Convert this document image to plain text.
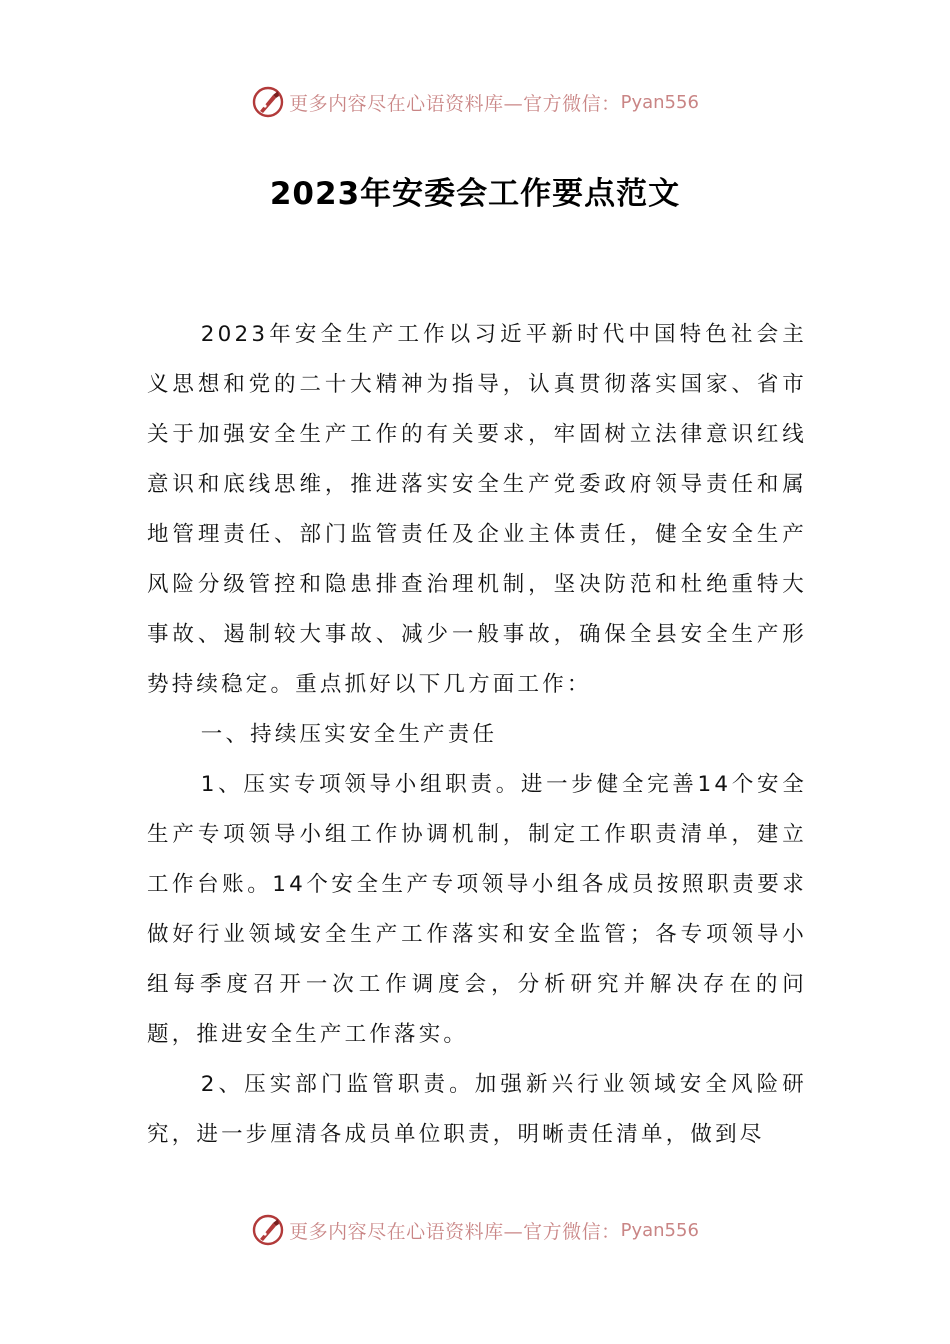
更多内容尽在心语资料库—官方微信： Pyan556
2023年安委会工作要点范文

2023年安全生产工作以习近平新时代中国特色社会主义思想和党的二十大精神为指导，认真贯彻落实国家、省市关于加强安全生产工作的有关要求，牢固树立法律意识红线意识和底线思维，推进落实安全生产党委政府领导责任和属地管理责任、部门监管责任及企业主体责任，健全安全生产风险分级管控和隐患排查治理机制，坚决防范和杜绝重特大事故、遏制较大事故、减少一般事故，确保全县安全生产形势持续稳定。重点抓好以下几方面工作：

一、持续压实安全生产责任

1、压实专项领导小组职责。进一步健全完善14个安全生产专项领导小组工作协调机制，制定工作职责清单，建立工作台账。14个安全生产专项领导小组各成员按照职责要求做好行业领域安全生产工作落实和安全监管；各专项领导小组每季度召开一次工作调度会，分析研究并解决存在的问题，推进安全生产工作落实。

2、压实部门监管职责。加强新兴行业领域安全风险研究，进一步厘清各成员单位职责，明晰责任清单，做到尽

更多内容尽在心语资料库—官方微信： Pyan556
